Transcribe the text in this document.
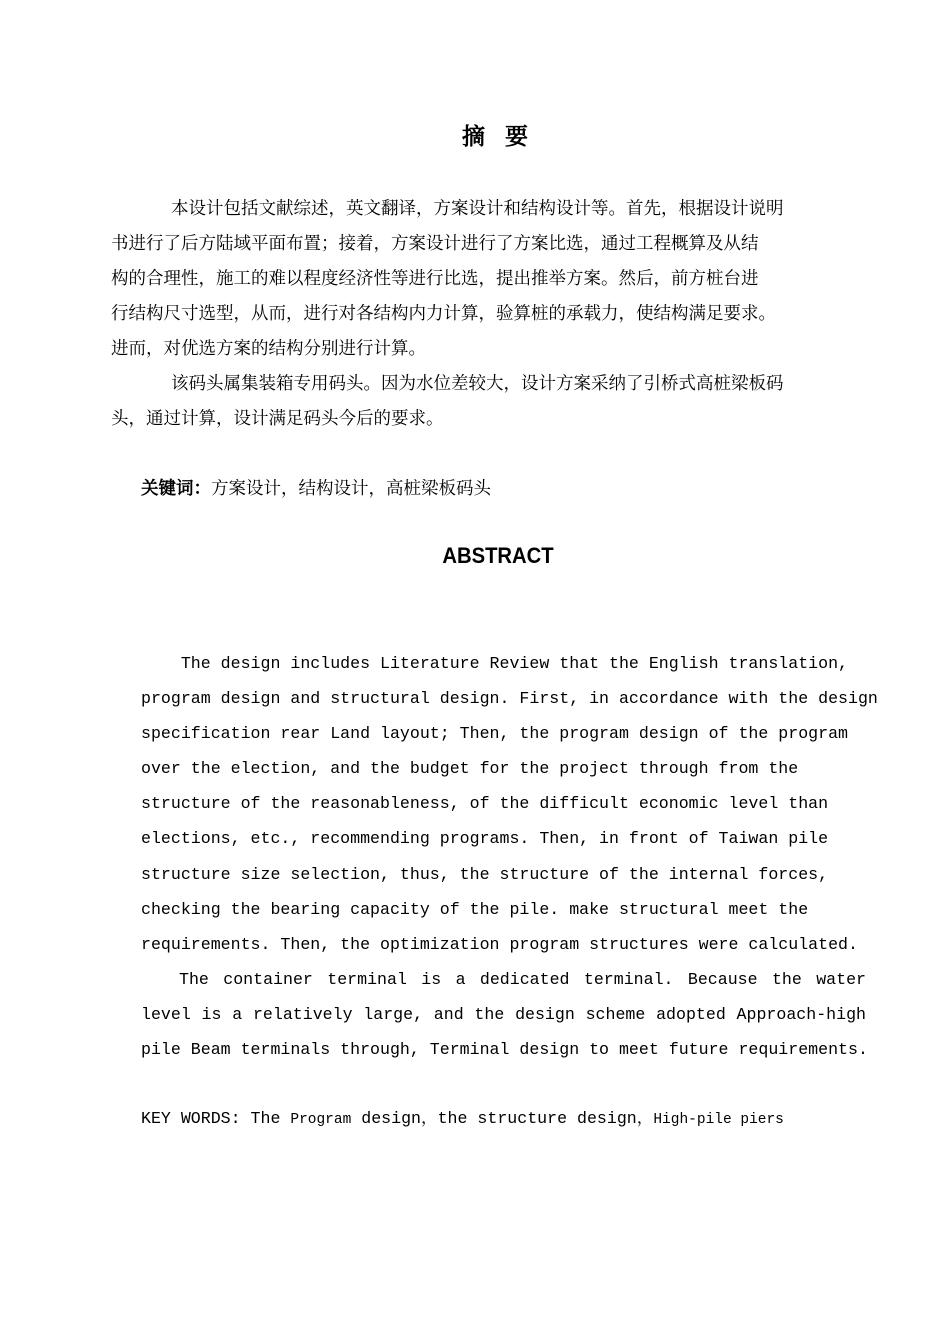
摘 要

本设计包括文献综述，英文翻译，方案设计和结构设计等。首先，根据设计说明
书进行了后方陆域平面布置；接着，方案设计进行了方案比选，通过工程概算及从结
构的合理性，施工的难以程度经济性等进行比选，提出推举方案。然后，前方桩台进
行结构尺寸选型，从而，进行对各结构内力计算，验算桩的承载力，使结构满足要求。
进而，对优选方案的结构分别进行计算。

该码头属集装箱专用码头。因为水位差较大，设计方案采纳了引桥式高桩梁板码
头，通过计算，设计满足码头今后的要求。

关键词：方案设计，结构设计，高桩梁板码头
ABSTRACT
The design includes Literature Review that the English translation,
program design and structural design. First, in accordance with the design
specification rear Land layout; Then, the program design of the program
over the election, and the budget for the project through from the
structure of the reasonableness, of the difficult economic level than
elections, etc., recommending programs. Then, in front of Taiwan pile
structure size selection, thus, the structure of the internal forces,
checking the bearing capacity of the pile. make structural meet the
requirements. Then, the optimization program structures were calculated.
The container terminal is a dedicated terminal. Because the water
level is a relatively large, and the design scheme adopted Approach-high
pile Beam terminals through, Terminal design to meet future requirements.
KEY WORDS: The Program design，the structure design，High-pile piers
